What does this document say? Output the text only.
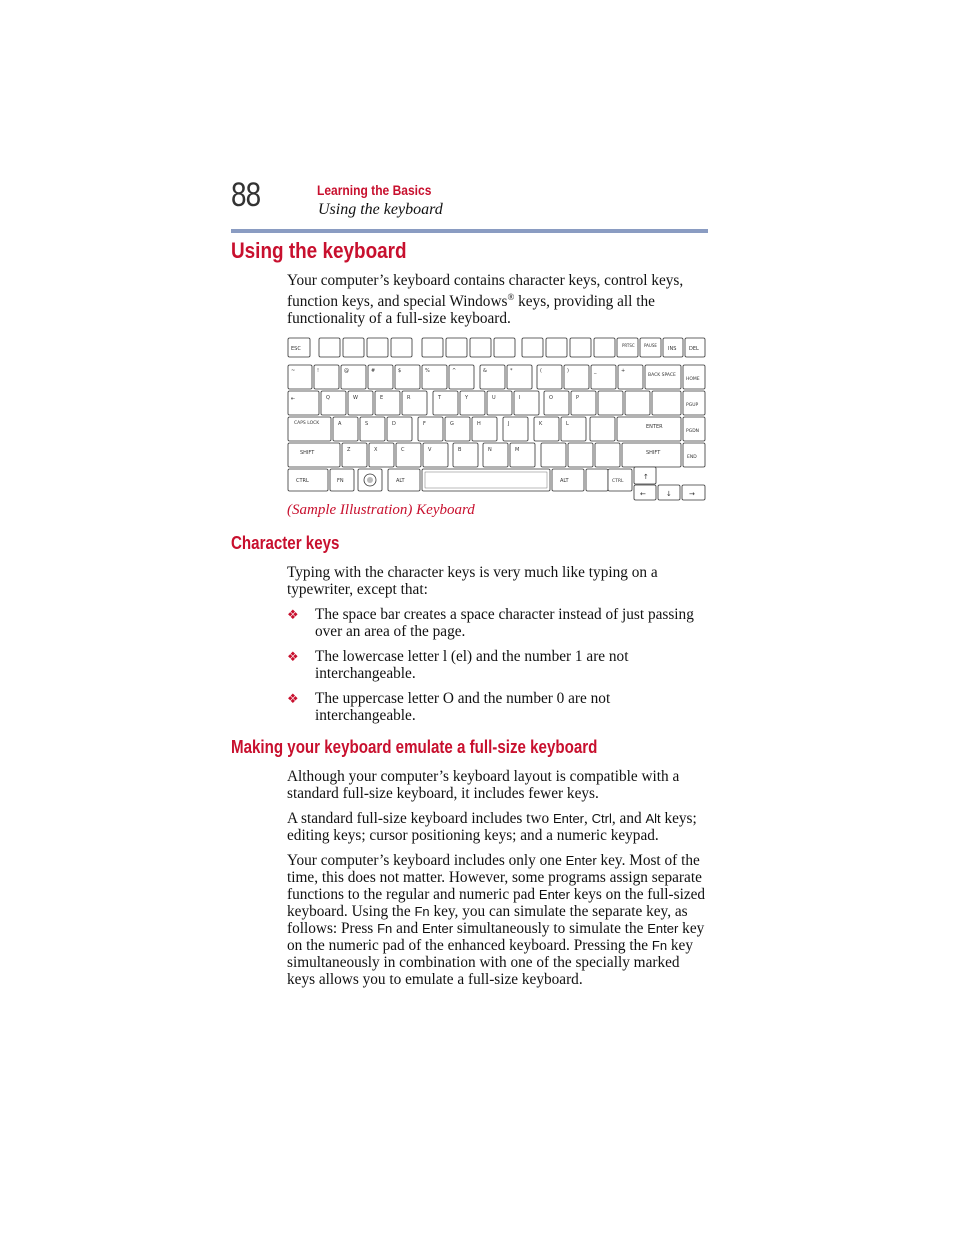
88	Learning the Basics
Using the keyboard
Using the keyboard

Your computer’s keyboard contains character keys, control keys, function keys, and special Windows® keys, providing all the functionality of a full-size keyboard.

ESC
PRTSC PAUSE
INS	DEL
BACK SPACE
HOME
⇤
PGUP
CAPS LOCK
ENTER
PGDN
SHIFT	SHIFT
END
CTRL	FN	ALT	ALT	CTRL
↑
←	↓ →
Q	W	E	R	T	Y	U	I	O	P
A	S	D	F	G	H	J	K	L
Z	X	C	V	B	N	M
~	!	@	#	$	%	^	&	*	(	)	_	+
(Sample Illustration) Keyboard
Character keys

Typing with the character keys is very much like typing on a typewriter, except that:

❖ The space bar creates a space character instead of just passing over an area of the page.
❖ The lowercase letter l (el) and the number 1 are not interchangeable.
❖ The uppercase letter O and the number 0 are not interchangeable.
Making your keyboard emulate a full-size keyboard

Although your computer’s keyboard layout is compatible with a standard full-size keyboard, it includes fewer keys.

A standard full-size keyboard includes two Enter, Ctrl, and Alt keys; editing keys; cursor positioning keys; and a numeric keypad.

Your computer’s keyboard includes only one Enter key. Most of the time, this does not matter. However, some programs assign separate functions to the regular and numeric pad Enter keys on the full-sized keyboard. Using the Fn key, you can simulate the separate key, as follows: Press Fn and Enter simultaneously to simulate the Enter key on the numeric pad of the enhanced keyboard. Pressing the Fn key simultaneously in combination with one of the specially marked keys allows you to emulate a full-size keyboard.
